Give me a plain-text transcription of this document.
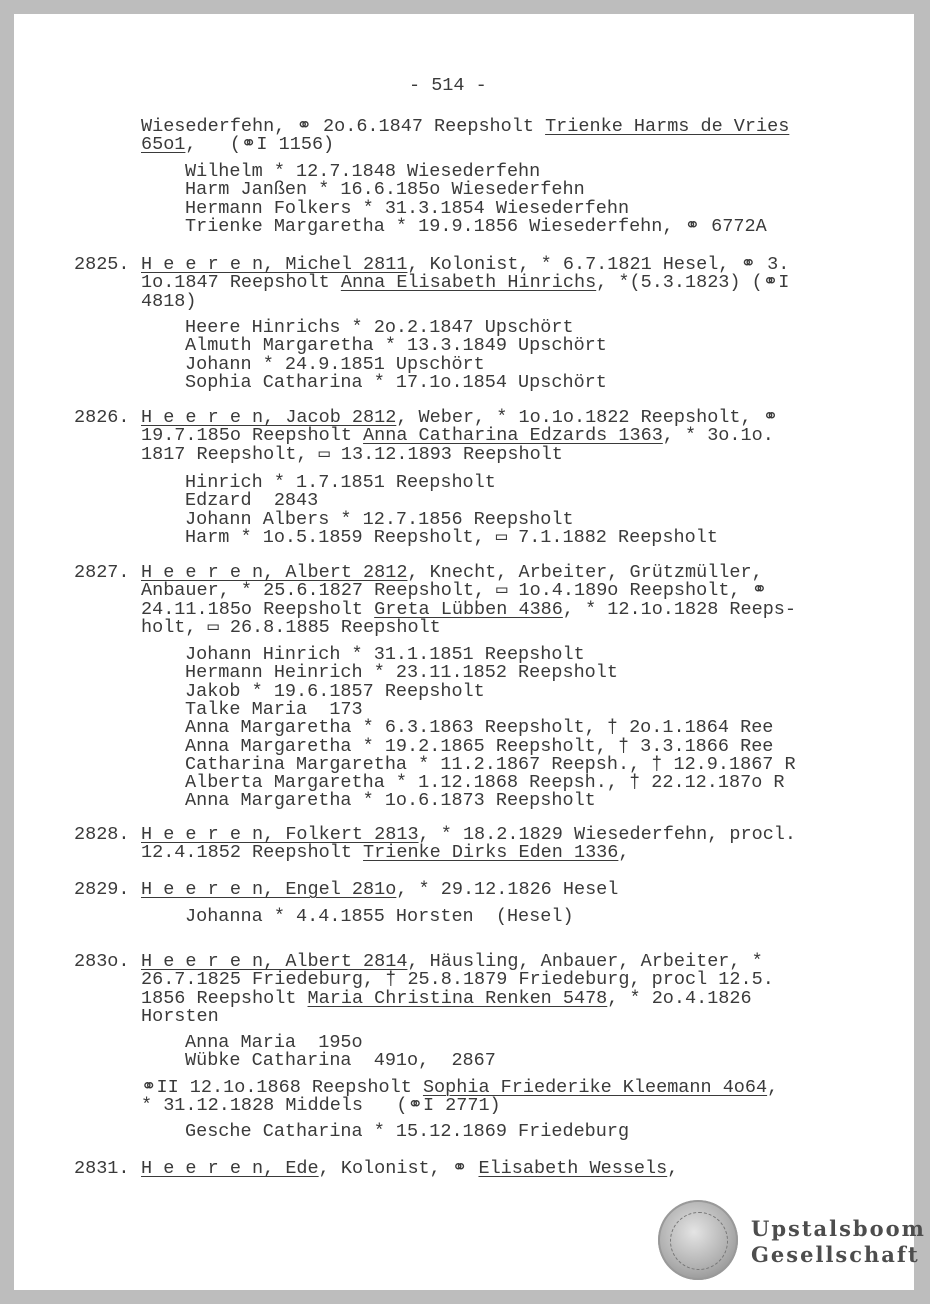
- 514 -
Wiesederfehn, ⚭ 2o.6.1847 Reepsholt Trienke Harms de Vries
65o1,   (⚭I 1156)
Wilhelm * 12.7.1848 Wiesederfehn
Harm Janßen * 16.6.185o Wiesederfehn
Hermann Folkers * 31.3.1854 Wiesederfehn
Trienke Margaretha * 19.9.1856 Wiesederfehn, ⚭ 6772A
2825. H e e r e n, Michel 2811, Kolonist, * 6.7.1821 Hesel, ⚭ 3.
1o.1847 Reepsholt Anna Elisabeth Hinrichs, *(5.3.1823) (⚭I
4818)
Heere Hinrichs * 2o.2.1847 Upschört
Almuth Margaretha * 13.3.1849 Upschört
Johann * 24.9.1851 Upschört
Sophia Catharina * 17.1o.1854 Upschört
2826. H e e r e n, Jacob 2812, Weber, * 1o.1o.1822 Reepsholt, ⚭
19.7.185o Reepsholt Anna Catharina Edzards 1363, * 3o.1o.
1817 Reepsholt, ▭ 13.12.1893 Reepsholt
Hinrich * 1.7.1851 Reepsholt
Edzard  2843
Johann Albers * 12.7.1856 Reepsholt
Harm * 1o.5.1859 Reepsholt, ▭ 7.1.1882 Reepsholt
2827. H e e r e n, Albert 2812, Knecht, Arbeiter, Grützmüller,
Anbauer, * 25.6.1827 Reepsholt, ▭ 1o.4.189o Reepsholt, ⚭
24.11.185o Reepsholt Greta Lübben 4386, * 12.1o.1828 Reeps-
holt, ▭ 26.8.1885 Reepsholt
Johann Hinrich * 31.1.1851 Reepsholt
Hermann Heinrich * 23.11.1852 Reepsholt
Jakob * 19.6.1857 Reepsholt
Talke Maria  173
Anna Margaretha * 6.3.1863 Reepsholt, † 2o.1.1864 Ree
Anna Margaretha * 19.2.1865 Reepsholt, † 3.3.1866 Ree
Catharina Margaretha * 11.2.1867 Reepsh., † 12.9.1867 R
Alberta Margaretha * 1.12.1868 Reepsh., † 22.12.187o R
Anna Margaretha * 1o.6.1873 Reepsholt
2828. H e e r e n, Folkert 2813, * 18.2.1829 Wiesederfehn, procl.
12.4.1852 Reepsholt Trienke Dirks Eden 1336,
2829. H e e r e n, Engel 281o, * 29.12.1826 Hesel
Johanna * 4.4.1855 Horsten  (Hesel)
283o. H e e r e n, Albert 2814, Häusling, Anbauer, Arbeiter, *
26.7.1825 Friedeburg, † 25.8.1879 Friedeburg, procl 12.5.
1856 Reepsholt Maria Christina Renken 5478, * 2o.4.1826
Horsten
Anna Maria  195o
Wübke Catharina  491o,  2867
⚭II 12.1o.1868 Reepsholt Sophia Friederike Kleemann 4o64,
* 31.12.1828 Middels   (⚭I 2771)
Gesche Catharina * 15.12.1869 Friedeburg
2831. H e e r e n, Ede, Kolonist, ⚭ Elisabeth Wessels,
Upstalsboom
Gesellschaft
